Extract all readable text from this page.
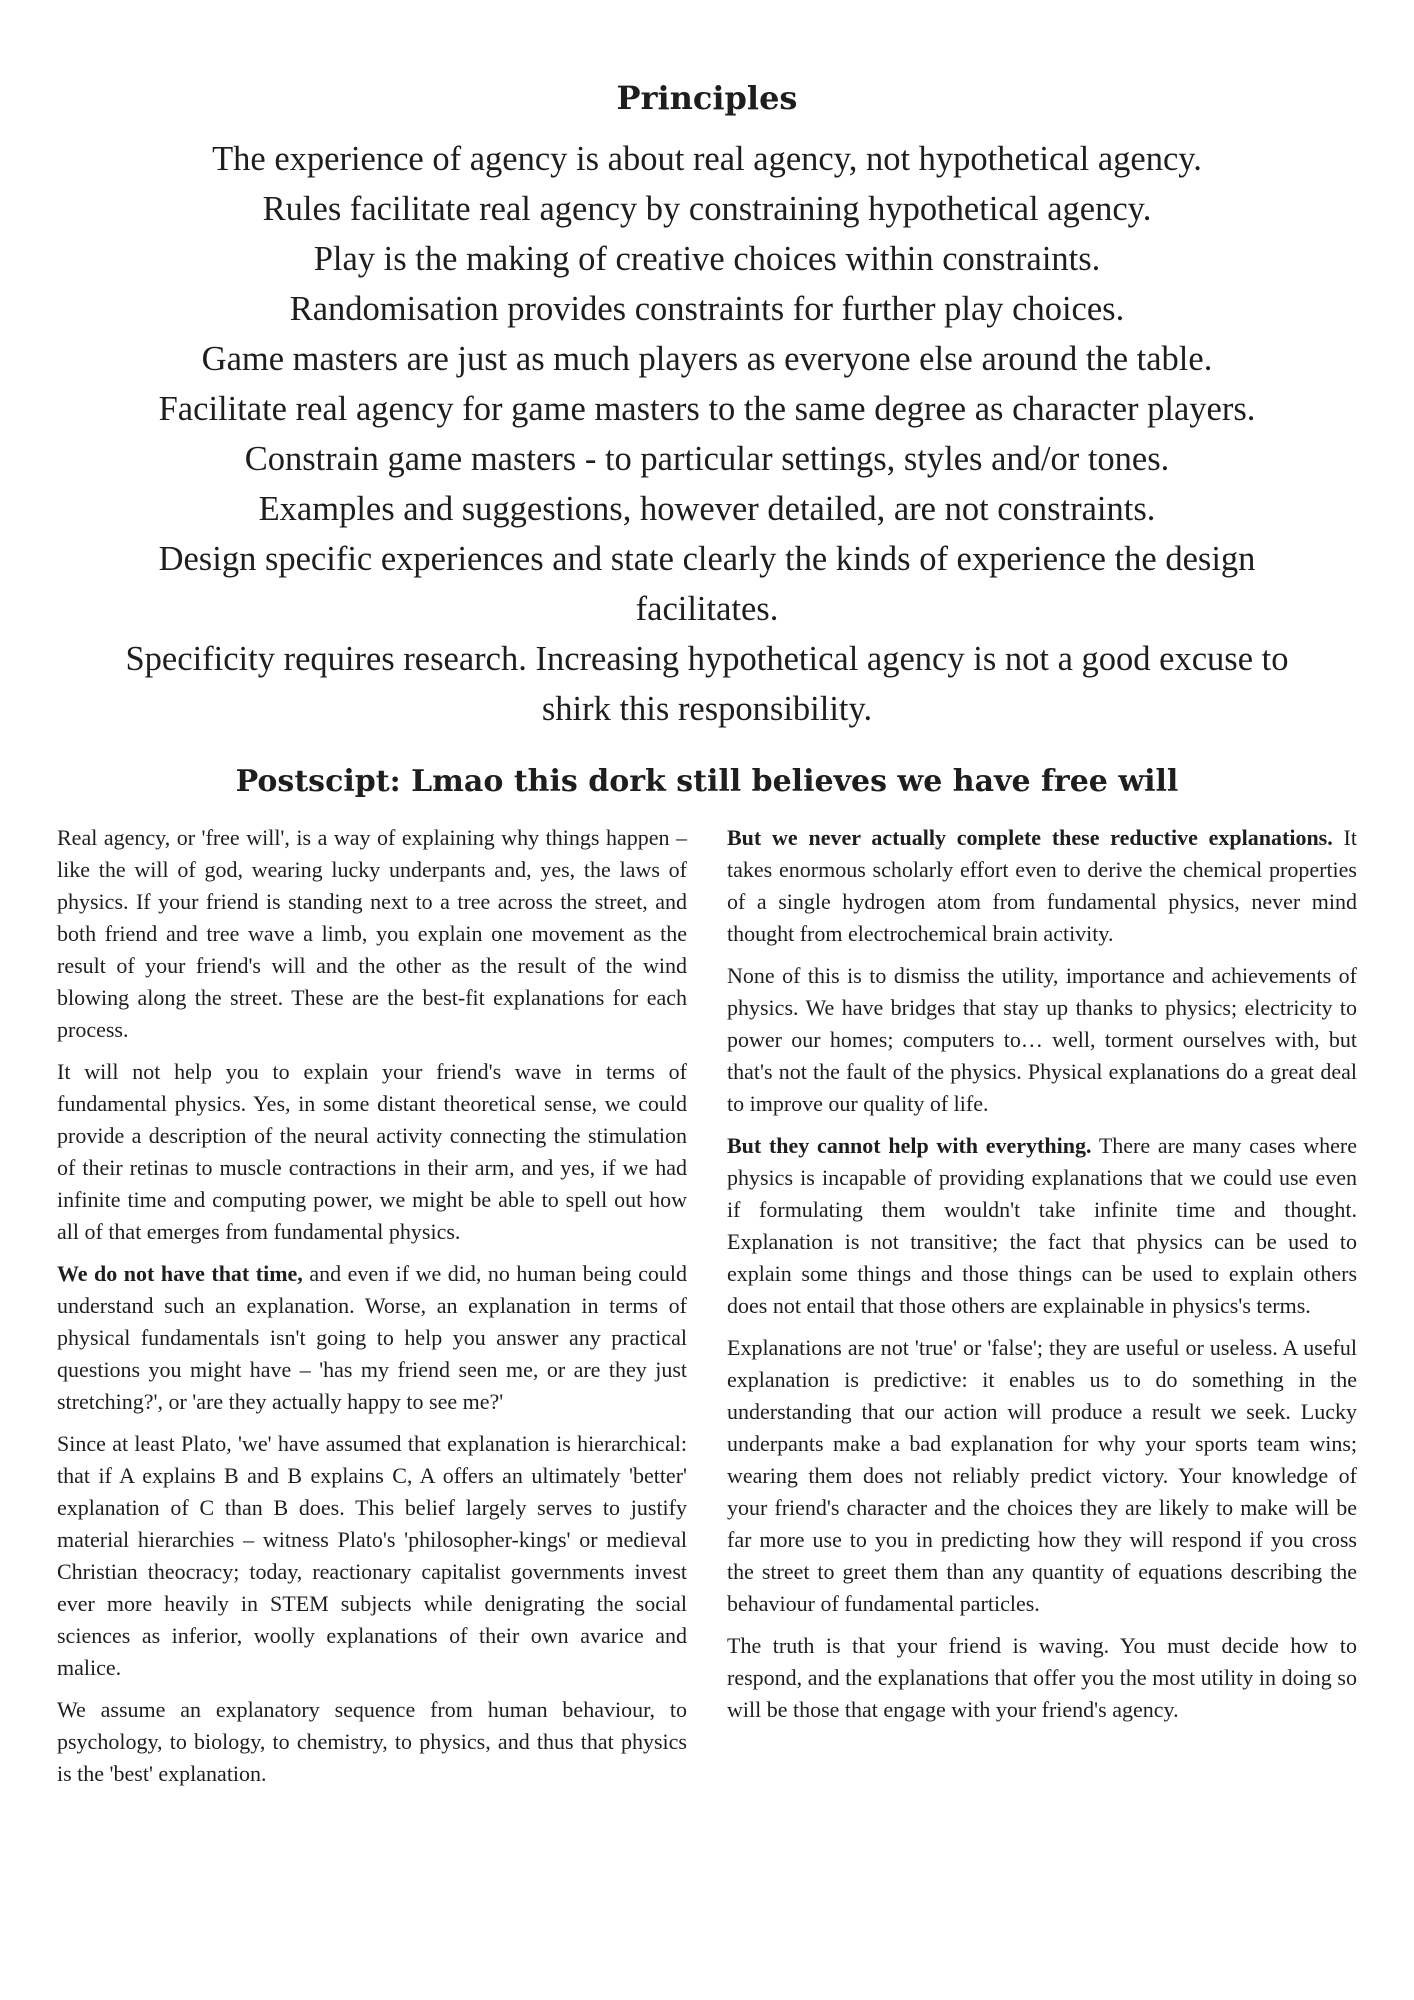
Principles
The experience of agency is about real agency, not hypothetical agency.
Rules facilitate real agency by constraining hypothetical agency.
Play is the making of creative choices within constraints.
Randomisation provides constraints for further play choices.
Game masters are just as much players as everyone else around the table.
Facilitate real agency for game masters to the same degree as character players.
Constrain game masters - to particular settings, styles and/or tones.
Examples and suggestions, however detailed, are not constraints.
Design specific experiences and state clearly the kinds of experience the design facilitates.
Specificity requires research. Increasing hypothetical agency is not a good excuse to shirk this responsibility.
Postscipt: Lmao this dork still believes we have free will

Real agency, or 'free will', is a way of explaining why things happen – like the will of god, wearing lucky underpants and, yes, the laws of physics. If your friend is standing next to a tree across the street, and both friend and tree wave a limb, you explain one movement as the result of your friend's will and the other as the result of the wind blowing along the street. These are the best-fit explanations for each process.

It will not help you to explain your friend's wave in terms of fundamental physics. Yes, in some distant theoretical sense, we could provide a description of the neural activity connecting the stimulation of their retinas to muscle contractions in their arm, and yes, if we had infinite time and computing power, we might be able to spell out how all of that emerges from fundamental physics.

We do not have that time, and even if we did, no human being could understand such an explanation. Worse, an explanation in terms of physical fundamentals isn't going to help you answer any practical questions you might have – 'has my friend seen me, or are they just stretching?', or 'are they actually happy to see me?'

Since at least Plato, 'we' have assumed that explanation is hierarchical: that if A explains B and B explains C, A offers an ultimately 'better' explanation of C than B does. This belief largely serves to justify material hierarchies – witness Plato's 'philosopher-kings' or medieval Christian theocracy; today, reactionary capitalist governments invest ever more heavily in STEM subjects while denigrating the social sciences as inferior, woolly explanations of their own avarice and malice.

We assume an explanatory sequence from human behaviour, to psychology, to biology, to chemistry, to physics, and thus that physics is the 'best' explanation.

But we never actually complete these reductive explanations. It takes enormous scholarly effort even to derive the chemical properties of a single hydrogen atom from fundamental physics, never mind thought from electrochemical brain activity.

None of this is to dismiss the utility, importance and achievements of physics. We have bridges that stay up thanks to physics; electricity to power our homes; computers to… well, torment ourselves with, but that's not the fault of the physics. Physical explanations do a great deal to improve our quality of life.

But they cannot help with everything. There are many cases where physics is incapable of providing explanations that we could use even if formulating them wouldn't take infinite time and thought. Explanation is not transitive; the fact that physics can be used to explain some things and those things can be used to explain others does not entail that those others are explainable in physics's terms.

Explanations are not 'true' or 'false'; they are useful or useless. A useful explanation is predictive: it enables us to do something in the understanding that our action will produce a result we seek. Lucky underpants make a bad explanation for why your sports team wins; wearing them does not reliably predict victory. Your knowledge of your friend's character and the choices they are likely to make will be far more use to you in predicting how they will respond if you cross the street to greet them than any quantity of equations describing the behaviour of fundamental particles.

The truth is that your friend is waving. You must decide how to respond, and the explanations that offer you the most utility in doing so will be those that engage with your friend's agency.
